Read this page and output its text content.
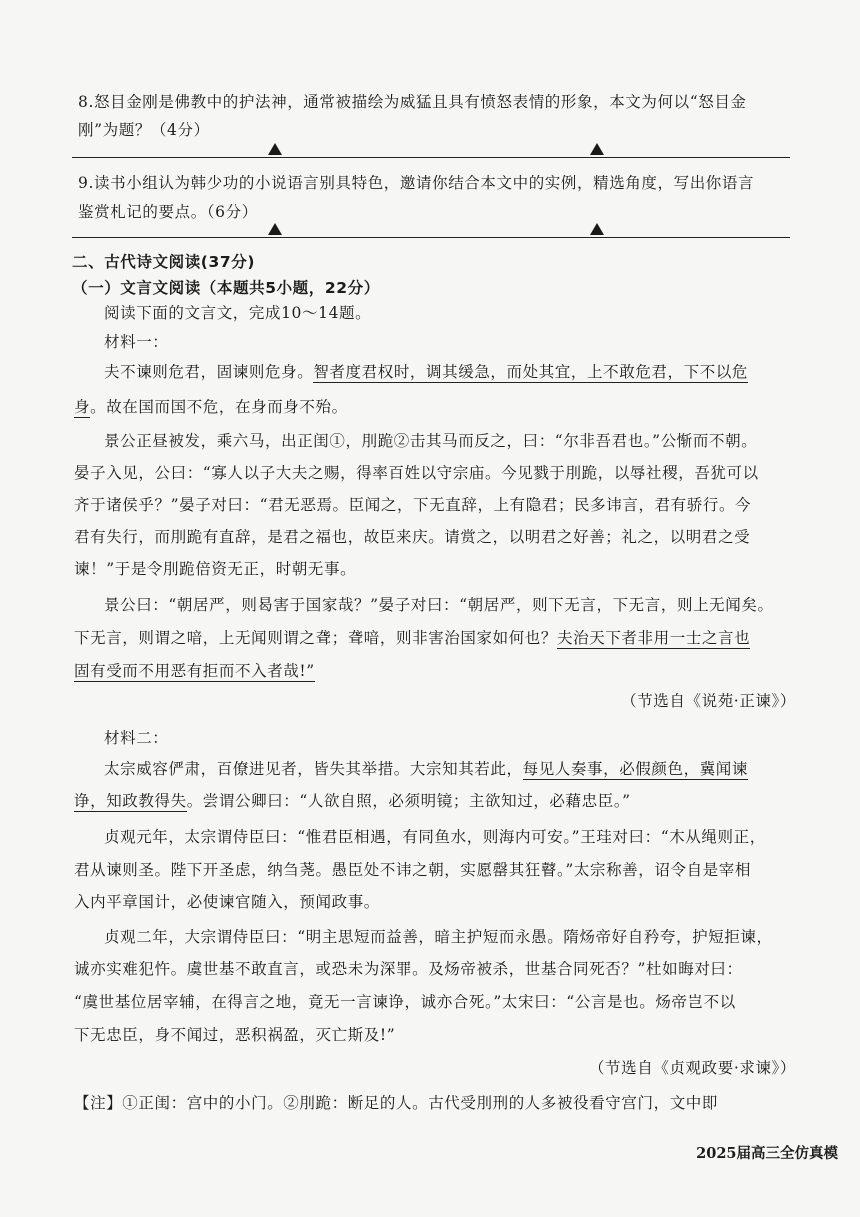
8.怒目金刚是佛教中的护法神，通常被描绘为威猛且具有愤怒表情的形象，本文为何以“怒目金
刚”为题？（4分）
9.读书小组认为韩少功的小说语言别具特色，邀请你结合本文中的实例，精选角度，写出你语言
鉴赏札记的要点。（6分）
二、古代诗文阅读(37分)
（一）文言文阅读（本题共5小题，22分）
阅读下面的文言文，完成10～14题。
材料一：
夫不谏则危君，固谏则危身。智者度君权时，调其缓急，而处其宜，上不敢危君，下不以危
身。故在国而国不危，在身而身不殆。
景公正昼被发，乘六马，出正闺①，刖跪②击其马而反之，曰：“尔非吾君也。”公惭而不朝。
晏子入见，公曰：“寡人以子大夫之赐，得率百姓以守宗庙。今见戮于刖跪，以辱社稷，吾犹可以
齐于诸侯乎？”晏子对曰：“君无恶焉。臣闻之，下无直辞，上有隐君；民多讳言，君有骄行。今
君有失行，而刖跪有直辞，是君之福也，故臣来庆。请赏之，以明君之好善；礼之，以明君之受
谏！”于是令刖跪倍资无正，时朝无事。
景公曰：“朝居严，则曷害于国家哉？”晏子对曰：“朝居严，则下无言，下无言，则上无闻矣。
下无言，则谓之喑，上无闻则谓之聋；聋喑，则非害治国家如何也？夫治天下者非用一士之言也
固有受而不用恶有拒而不入者哉!”
（节选自《说苑·正谏》）
材料二：
太宗威容俨肃，百僚进见者，皆失其举措。大宗知其若此，每见人奏事，必假颜色，冀闻谏
诤，知政教得失。尝谓公卿曰：“人欲自照，必须明镜；主欲知过，必藉忠臣。”
贞观元年，太宗谓侍臣曰：“惟君臣相遇，有同鱼水，则海内可安。”王珪对曰：“木从绳则正，
君从谏则圣。陛下开圣虑，纳刍荛。愚臣处不讳之朝，实愿罄其狂瞽。”太宗称善，诏令自是宰相
入内平章国计，必使谏官随入，预闻政事。
贞观二年，大宗谓侍臣曰：“明主思短而益善，暗主护短而永愚。隋炀帝好自矜夸，护短拒谏，
诚亦实难犯忤。虞世基不敢直言，或恐未为深罪。及炀帝被杀，世基合同死否？”杜如晦对曰：
“虞世基位居宰辅，在得言之地，竟无一言谏诤，诚亦合死。”太宋曰：“公言是也。炀帝岂不以
下无忠臣，身不闻过，恶积祸盈，灭亡斯及!”
（节选自《贞观政要·求谏》）
【注】①正闺：宫中的小门。②刖跪：断足的人。古代受刖刑的人多被役看守宫门，文中即
2025届高三全仿真模
